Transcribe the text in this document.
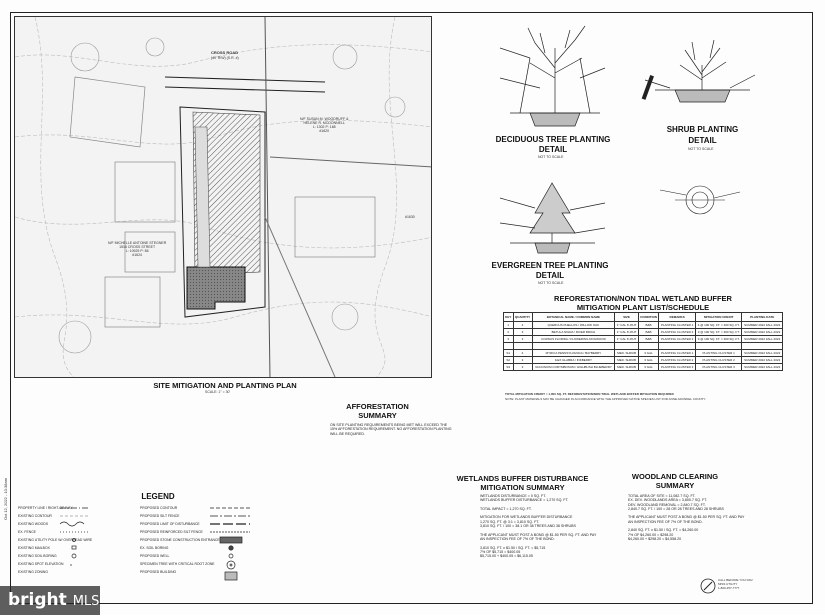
CROSS ROAD
(40' R/W) (S.R. #)
N/F MICHELLE ANTOINE STEGNER
1516 CROSS STREET
L: 10929 P: 86
#1624
N/F SUSAN M. WOODRUFF &
HELENE R. MCDONNELL
L: 1302 P: 168
#1620
#1630
SITE MITIGATION AND PLANTING PLAN
SCALE: 1" = 30'
DECIDUOUS TREE PLANTING
DETAIL
NOT TO SCALE
SHRUB PLANTING
DETAIL
NOT TO SCALE
EVERGREEN TREE PLANTING
DETAIL
NOT TO SCALE
REFORESTATION/NON TIDAL WETLAND BUFFER
MITIGATION PLANT LIST/SCHEDULE
KEY	QUANTITY	BOTANICAL NAME / COMMON NAME	SIZE	CONDITION	REMARKS	MITIGATION CREDIT	PLANTING DATE
1	4	QUERCUS PHELLOS / WILLOW OAK	1" CAL 6'-8'HT	B&B	PLANTING CLUSTER 1	4 @ 100 SQ. FT. = 400 SQ. FT.	SUMMER 2022 FALL 2022
2	3	BETULA NIGRA / RIVER BIRCH	1" CAL 6'-8'HT	B&B	PLANTING CLUSTER 2	3 @ 100 SQ. FT. = 300 SQ. FT.	SUMMER 2022 FALL 2022
3	3	CORNUS FLORIDA / FLOWERING DOGWOOD	1" CAL 6'-8'HT	B&B	PLANTING CLUSTER 3	3 @ 100 SQ. FT. = 300 SQ. FT.	SUMMER 2022 FALL 2022

S1	4	MYRICA PENNSYLVANICA / BAYBERRY	MED. SHRUB	3 GAL	PLANTING CLUSTER 1	PLANTING CLUSTER 1	SUMMER 2022 FALL 2022
S2	3	ILEX GLABRA / INKBERRY	MED. SHRUB	3 GAL	PLANTING CLUSTER 2	PLANTING CLUSTER 2	SUMMER 2022 FALL 2022
S3	3	VACCINIUM CORYMBOSUM / HIGHBUSH BLUEBERRY	MED. SHRUB	3 GAL	PLANTING CLUSTER 3	PLANTING CLUSTER 3	SUMMER 2022 FALL 2022
TOTAL MITIGATION CREDIT = 1,000 SQ. FT. REFORESTATION/NON TIDAL WETLAND BUFFER MITIGATION REQUIRED
NOTE: PLANT MATERIALS MAY BE CHANGED IN ACCORDANCE WITH THE APPROVED NATIVE SPECIES LIST FOR ANNE ARUNDEL COUNTY.
AFFORESTATION
SUMMARY
ON SITE PLANTING REQUIREMENTS BEING MET WILL EXCEED THE 15% AFFORESTATION REQUIREMENT. NO AFFORESTATION PLANTING WILL BE REQUIRED.
WETLANDS BUFFER DISTURBANCE
MITIGATION SUMMARY
WETLANDS DISTURBANCE = 0 SQ. FT.
WETLANDS BUFFER DISTURBANCE = 1,270 SQ. FT.
TOTAL IMPACT = 1,270 SQ. FT.
MITIGATION FOR WETLANDS BUFFER DISTURBANCE
1,270 SQ. FT. @ 3:1 = 3,810 SQ. FT.
3,810 SQ. FT. / 100 = 38.1 OR 38 TREES AND 38 SHRUBS
THE APPLICANT MUST POST A BOND @ $1.50 PER SQ. FT. AND PAY
AN INSPECTION FEE OF 7% OF THE BOND.
3,810 SQ. FT. x $1.50 / SQ. FT. = $5,715
7% OF $5,715 = $400.05
$5,715.00 + $400.05 = $6,115.05
WOODLAND CLEARING
SUMMARY
TOTAL AREA OF SITE = 11,082.7 SQ. FT.
EX. DEV. WOODLANDS AREA = 3,800.7 SQ. FT.
DEV. WOODLAND REMOVAL = 2,840.7 SQ. FT.
2,840.7 SQ. FT. / 100 = 28 OR 28 TREES AND 28 SHRUBS
THE APPLICANT MUST POST A BOND @ $1.50 PER SQ. FT. AND PAY
AN INSPECTION FEE OF 7% OF THE BOND.
2,840 SQ. FT. x $1.50 / SQ. FT. = $4,260.00
7% OF $4,260.00 = $298.20
$4,260.00 + $298.20 = $4,558.20
LEGEND
PROPERTY LINE / RIGHT-OF-WAY
EXISTING CONTOUR
EXISTING WOODS
EX. FENCE
EXISTING UTILITY POLE W/ OVERHEAD WIRE
EXISTING MAILBOX
EXISTING SOIL BORING
EXISTING SPOT ELEVATION
EXISTING ZONING
PROPOSED CONTOUR
PROPOSED SILT FENCE
PROPOSED LIMIT OF DISTURBANCE
PROPOSED REINFORCED SILT FENCE
PROPOSED STONE CONSTRUCTION ENTRANCE
EX. SOIL BORING
PROPOSED WELL
SPECIMEN TREE WITH CRITICAL ROOT ZONE
PROPOSED BUILDING
x
CALL BEFORE YOU DIG!
MISS UTILITY
1-800-257-7777
Oct 12, 2022 - 10:38am
bright MLS
